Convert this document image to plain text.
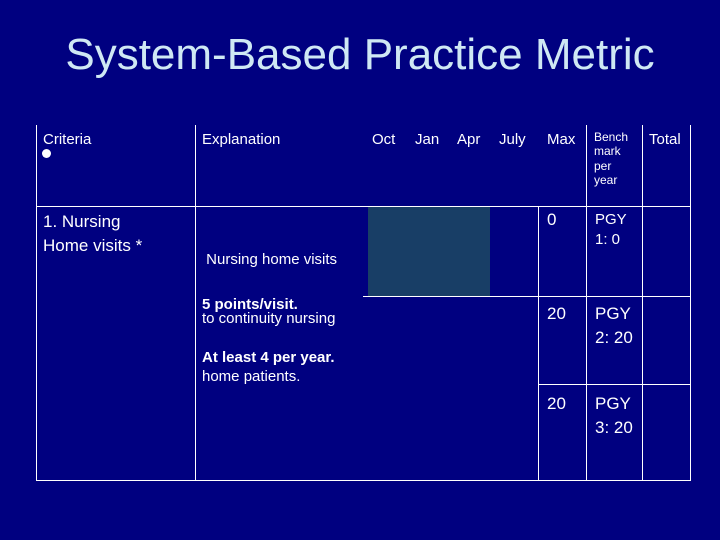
System-Based Practice Metric
Criteria	Explanation	Oct Jan Apr July Max Bench
mark
per
year
Total
1. Nursing
Home visits *

Nursing home visits

to continuity nursing

home patients.

5 points/visit.
At least 4 per year.
0
20
20
PGY
1: 0
PGY
2: 20
PGY
3: 20
